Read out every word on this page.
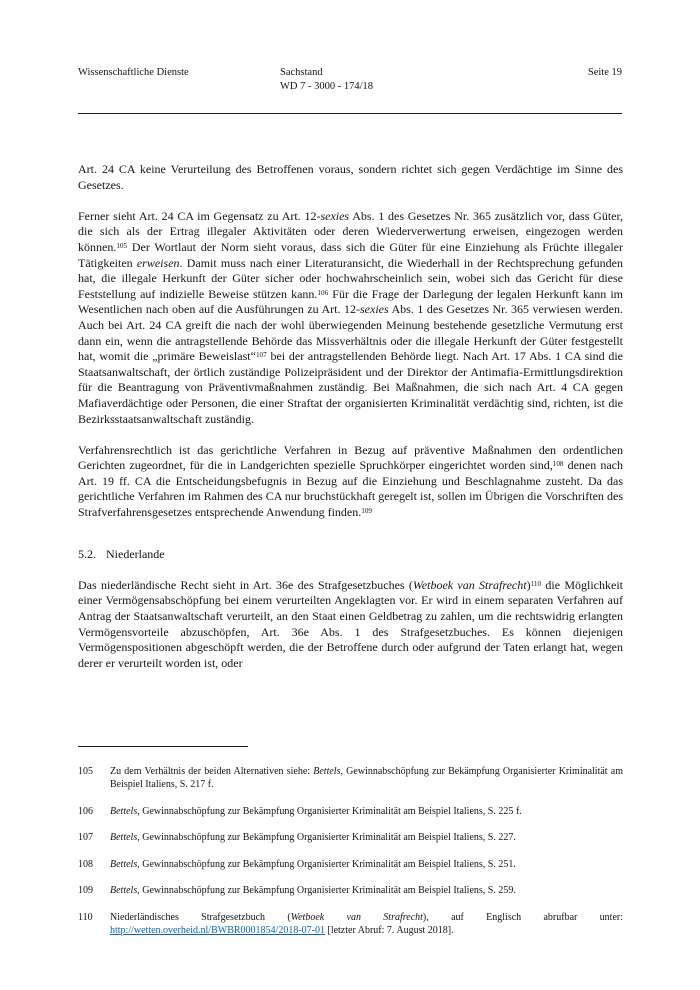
Wissenschaftliche Dienste	Sachstand
WD 7 - 3000 - 174/18
Seite 19

Art. 24 CA keine Verurteilung des Betroffenen voraus, sondern richtet sich gegen Verdächtige im Sinne des Gesetzes.

Ferner sieht Art. 24 CA im Gegensatz zu Art. 12-sexies Abs. 1 des Gesetzes Nr. 365 zusätzlich vor, dass Güter, die sich als der Ertrag illegaler Aktivitäten oder deren Wiederverwertung erweisen, eingezogen werden können.$^{105}$ Der Wortlaut der Norm sieht voraus, dass sich die Güter für eine Einziehung als Früchte illegaler Tätigkeiten erweisen. Damit muss nach einer Literaturansicht, die Wiederhall in der Rechtsprechung gefunden hat, die illegale Herkunft der Güter sicher oder hochwahrscheinlich sein, wobei sich das Gericht für diese Feststellung auf indizielle Beweise stützen kann.$^{106}$ Für die Frage der Darlegung der legalen Herkunft kann im Wesentlichen nach oben auf die Ausführungen zu Art. 12-sexies Abs. 1 des Gesetzes Nr. 365 verwiesen werden. Auch bei Art. 24 CA greift die nach der wohl überwiegenden Meinung bestehende gesetzliche Vermutung erst dann ein, wenn die antragstellende Behörde das Missverhältnis oder die illegale Herkunft der Güter festgestellt hat, womit die „primäre Beweislast“$^{107}$ bei der antragstellenden Behörde liegt. Nach Art. 17 Abs. 1 CA sind die Staatsanwaltschaft, der örtlich zuständige Polizeipräsident und der Direktor der Antimafia-Ermittlungsdirektion für die Beantragung von Präventivmaßnahmen zuständig. Bei Maßnahmen, die sich nach Art. 4 CA gegen Mafiaverdächtige oder Personen, die einer Straftat der organisierten Kriminalität verdächtig sind, richten, ist die Bezirksstaatsanwaltschaft zuständig.

Verfahrensrechtlich ist das gerichtliche Verfahren in Bezug auf präventive Maßnahmen den ordentlichen Gerichten zugeordnet, für die in Landgerichten spezielle Spruchkörper eingerichtet worden sind,$^{108}$ denen nach Art. 19 ff. CA die Entscheidungsbefugnis in Bezug auf die Einziehung und Beschlagnahme zusteht. Da das gerichtliche Verfahren im Rahmen des CA nur bruchstückhaft geregelt ist, sollen im Übrigen die Vorschriften des Strafverfahrensgesetzes entsprechende Anwendung finden.$^{109}$

5.2. Niederlande

Das niederländische Recht sieht in Art. 36e des Strafgesetzbuches (Wetboek van Strafrecht)$^{110}$ die Möglichkeit einer Vermögensabschöpfung bei einem verurteilten Angeklagten vor. Er wird in einem separaten Verfahren auf Antrag der Staatsanwaltschaft verurteilt, an den Staat einen Geldbetrag zu zahlen, um die rechtswidrig erlangten Vermögensvorteile abzuschöpfen, Art. 36e Abs. 1 des Strafgesetzbuches. Es können diejenigen Vermögenspositionen abgeschöpft werden, die der Betroffene durch oder aufgrund der Taten erlangt hat, wegen derer er verurteilt worden ist, oder

105	Zu dem Verhältnis der beiden Alternativen siehe: Bettels, Gewinnabschöpfung zur Bekämpfung Organisierter Kriminalität am Beispiel Italiens, S. 217 f.
106	Bettels, Gewinnabschöpfung zur Bekämpfung Organisierter Kriminalität am Beispiel Italiens, S. 225 f.
107	Bettels, Gewinnabschöpfung zur Bekämpfung Organisierter Kriminalität am Beispiel Italiens, S. 227.
108	Bettels, Gewinnabschöpfung zur Bekämpfung Organisierter Kriminalität am Beispiel Italiens, S. 251.
109	Bettels, Gewinnabschöpfung zur Bekämpfung Organisierter Kriminalität am Beispiel Italiens, S. 259.
110	Niederländisches Strafgesetzbuch (Wetboek van Strafrecht), auf Englisch abrufbar unter: http://wetten.overheid.nl/BWBR0001854/2018-07-01 [letzter Abruf: 7. August 2018].
